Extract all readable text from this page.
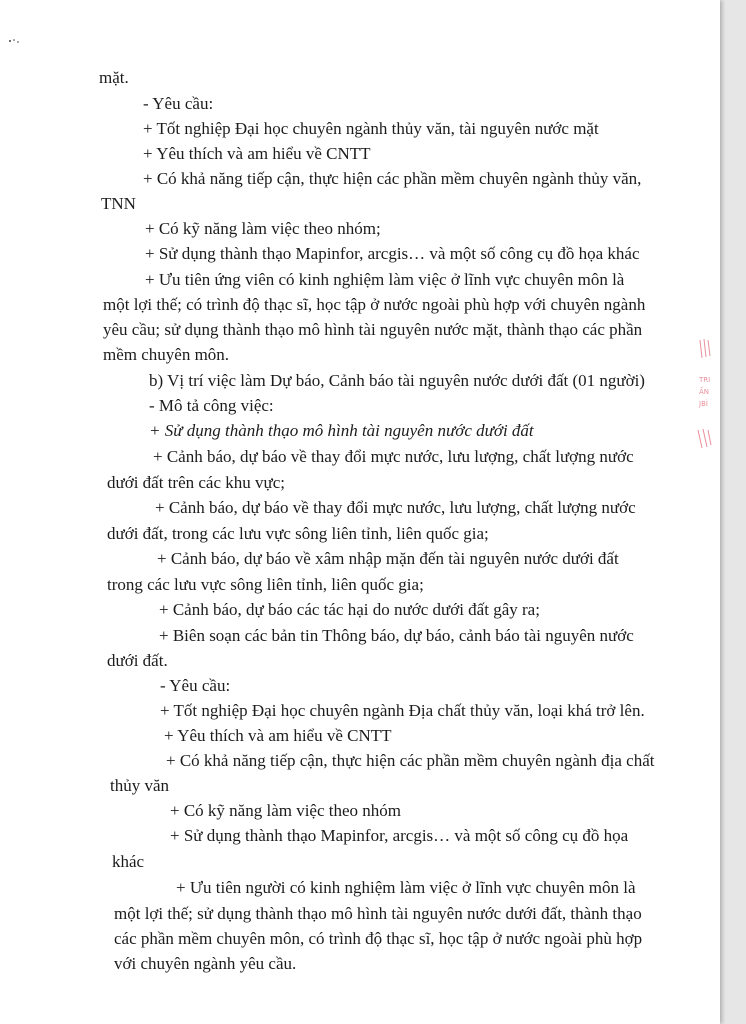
mặt.
- Yêu cầu:
+ Tốt nghiệp Đại học chuyên ngành thủy văn, tài nguyên nước mặt
+ Yêu thích và am hiểu về CNTT
+ Có khả năng tiếp cận, thực hiện các phần mềm chuyên ngành thủy văn,
TNN
+ Có kỹ năng làm việc theo nhóm;
+ Sử dụng thành thạo Mapinfor, arcgis… và một số công cụ đồ họa khác
+ Ưu tiên ứng viên có kinh nghiệm làm việc ở lĩnh vực chuyên môn là
một lợi thế; có trình độ thạc sĩ, học tập ở nước ngoài phù hợp với chuyên ngành
yêu cầu; sử dụng thành thạo mô hình tài nguyên nước mặt, thành thạo các phần
mềm chuyên môn.
b) Vị trí việc làm Dự báo, Cảnh báo tài nguyên nước dưới đất (01 người)
- Mô tả công việc:
+ Sử dụng thành thạo mô hình tài nguyên nước dưới đất
+ Cảnh báo, dự báo về thay đổi mực nước, lưu lượng, chất lượng nước
dưới đất trên các khu vực;
+ Cảnh báo, dự báo về thay đổi mực nước, lưu lượng, chất lượng nước
dưới đất, trong các lưu vực sông liên tỉnh, liên quốc gia;
+ Cảnh báo, dự báo về xâm nhập mặn đến tài nguyên nước dưới đất
trong các lưu vực sông liên tỉnh, liên quốc gia;
+ Cảnh báo, dự báo các tác hại do nước dưới đất gây ra;
+ Biên soạn các bản tin Thông báo, dự báo, cảnh báo tài nguyên nước
dưới đất.
- Yêu cầu:
+ Tốt nghiệp Đại học chuyên ngành Địa chất thủy văn, loại khá trở lên.
+ Yêu thích và am hiểu về CNTT
+ Có khả năng tiếp cận, thực hiện các phần mềm chuyên ngành địa chất
thủy văn
+ Có kỹ năng làm việc theo nhóm
+ Sử dụng thành thạo Mapinfor, arcgis… và một số công cụ đồ họa
khác
+ Ưu tiên người có kinh nghiệm làm việc ở lĩnh vực chuyên môn là
một lợi thế; sử dụng thành thạo mô hình tài nguyên nước dưới đất, thành thạo
các phần mềm chuyên môn, có trình độ thạc sĩ, học tập ở nước ngoài phù hợp
với chuyên ngành yêu cầu.
TRI
ẤN
JBÌ
